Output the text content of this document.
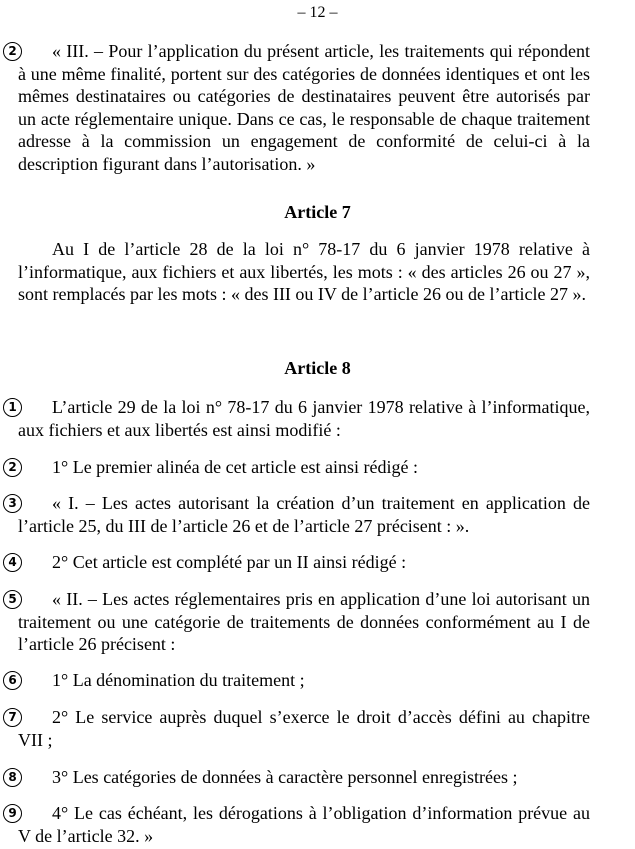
– 12 –
2	« III. – Pour l’application du présent article, les traitements qui répondent à une même finalité, portent sur des catégories de données identiques et ont les mêmes destinataires ou catégories de destinataires peuvent être autorisés par un acte réglementaire unique. Dans ce cas, le responsable de chaque traitement adresse à la commission un engagement de conformité de celui-ci à la description figurant dans l’autorisation. »

Article 7

Au I de l’article 28 de la loi n° 78-17 du 6 janvier 1978 relative à l’informatique, aux fichiers et aux libertés, les mots : « des articles 26 ou 27 », sont remplacés par les mots : « des III ou IV de l’article 26 ou de l’article 27 ».

Article 8
1	L’article 29 de la loi n° 78-17 du 6 janvier 1978 relative à l’informatique, aux fichiers et aux libertés est ainsi modifié :

2	1° Le premier alinéa de cet article est ainsi rédigé :

3	« I. – Les actes autorisant la création d’un traitement en application de l’article 25, du III de l’article 26 et de l’article 27 précisent : ».

4	2° Cet article est complété par un II ainsi rédigé :

5	« II. – Les actes réglementaires pris en application d’une loi autorisant un traitement ou une catégorie de traitements de données conformément au I de l’article 26 précisent :

6	1° La dénomination du traitement ;

7	2° Le service auprès duquel s’exerce le droit d’accès défini au chapitre VII ;

8	3° Les catégories de données à caractère personnel enregistrées ;

9	4° Le cas échéant, les dérogations à l’obligation d’information prévue au V de l’article 32. »
